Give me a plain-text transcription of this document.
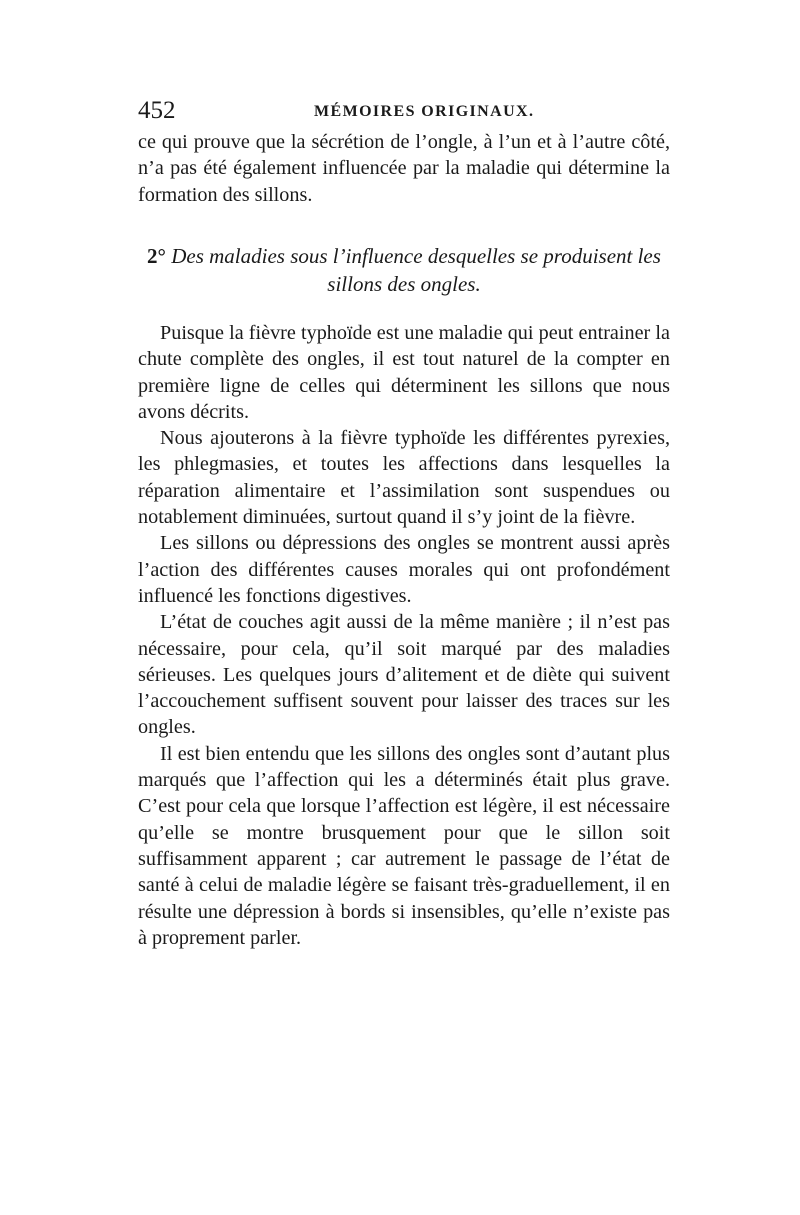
452	MÉMOIRES ORIGINAUX.

ce qui prouve que la sécrétion de l’ongle, à l’un et à l’autre côté, n’a pas été également influencée par la maladie qui détermine la formation des sillons.

2° Des maladies sous l’influence desquelles se produisent les sillons des ongles.

Puisque la fièvre typhoïde est une maladie qui peut entrainer la chute complète des ongles, il est tout naturel de la compter en première ligne de celles qui déterminent les sillons que nous avons décrits.

Nous ajouterons à la fièvre typhoïde les différentes pyrexies, les phlegmasies, et toutes les affections dans lesquelles la réparation alimentaire et l’assimilation sont suspendues ou notablement diminuées, surtout quand il s’y joint de la fièvre.

Les sillons ou dépressions des ongles se montrent aussi après l’action des différentes causes morales qui ont profondément influencé les fonctions digestives.

L’état de couches agit aussi de la même manière ; il n’est pas nécessaire, pour cela, qu’il soit marqué par des maladies sérieuses. Les quelques jours d’alitement et de diète qui suivent l’accouchement suffisent souvent pour laisser des traces sur les ongles.

Il est bien entendu que les sillons des ongles sont d’autant plus marqués que l’affection qui les a déterminés était plus grave. C’est pour cela que lorsque l’affection est légère, il est nécessaire qu’elle se montre brusquement pour que le sillon soit suffisamment apparent ; car autrement le passage de l’état de santé à celui de maladie légère se faisant très-graduellement, il en résulte une dépression à bords si insensibles, qu’elle n’existe pas à proprement parler.
